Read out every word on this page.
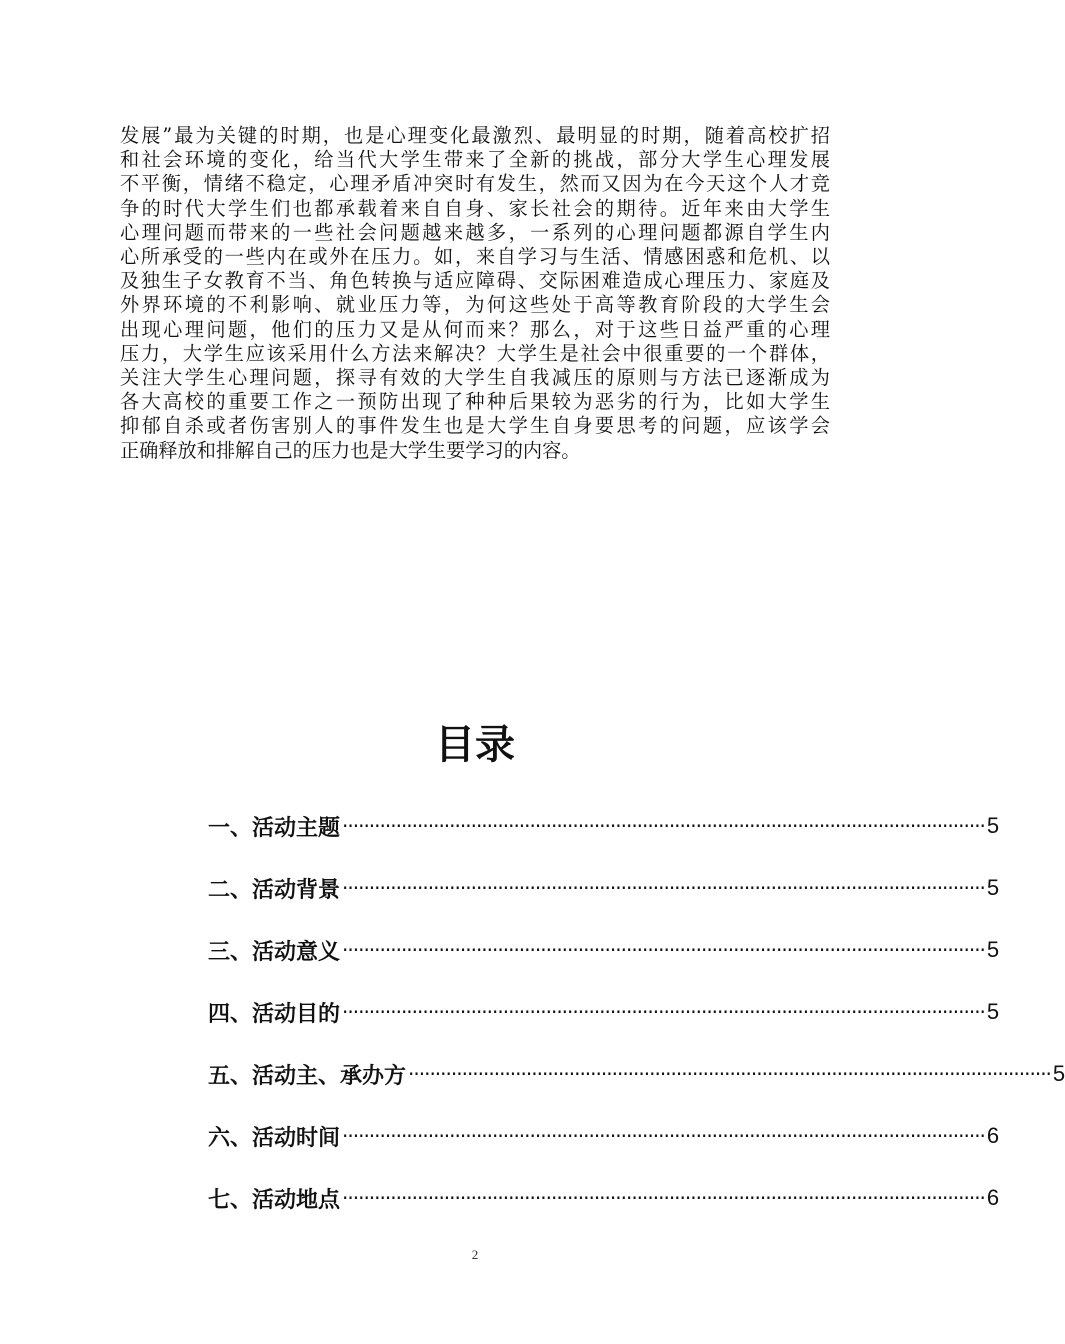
发展”最为关键的时期，也是心理变化最激烈、最明显的时期，随着高校扩招
和社会环境的变化，给当代大学生带来了全新的挑战，部分大学生心理发展
不平衡，情绪不稳定，心理矛盾冲突时有发生，然而又因为在今天这个人才竞
争的时代大学生们也都承载着来自自身、家长社会的期待。近年来由大学生
心理问题而带来的一些社会问题越来越多，一系列的心理问题都源自学生内
心所承受的一些内在或外在压力。如，来自学习与生活、情感困惑和危机、以
及独生子女教育不当、角色转换与适应障碍、交际困难造成心理压力、家庭及
外界环境的不利影响、就业压力等，为何这些处于高等教育阶段的大学生会
出现心理问题，他们的压力又是从何而来？那么，对于这些日益严重的心理
压力，大学生应该采用什么方法来解决？大学生是社会中很重要的一个群体，
关注大学生心理问题，探寻有效的大学生自我减压的原则与方法已逐渐成为
各大高校的重要工作之一预防出现了种种后果较为恶劣的行为，比如大学生
抑郁自杀或者伤害别人的事件发生也是大学生自身要思考的问题，应该学会
正确释放和排解自己的压力也是大学生要学习的内容。
目录
一、活动主题 ························································································································ 5
二、活动背景 ························································································································ 5
三、活动意义 ························································································································ 5
四、活动目的 ························································································································ 5
五、活动主、承办方 ························································································································ 5
六、活动时间 ························································································································ 6
七、活动地点 ························································································································ 6
2
